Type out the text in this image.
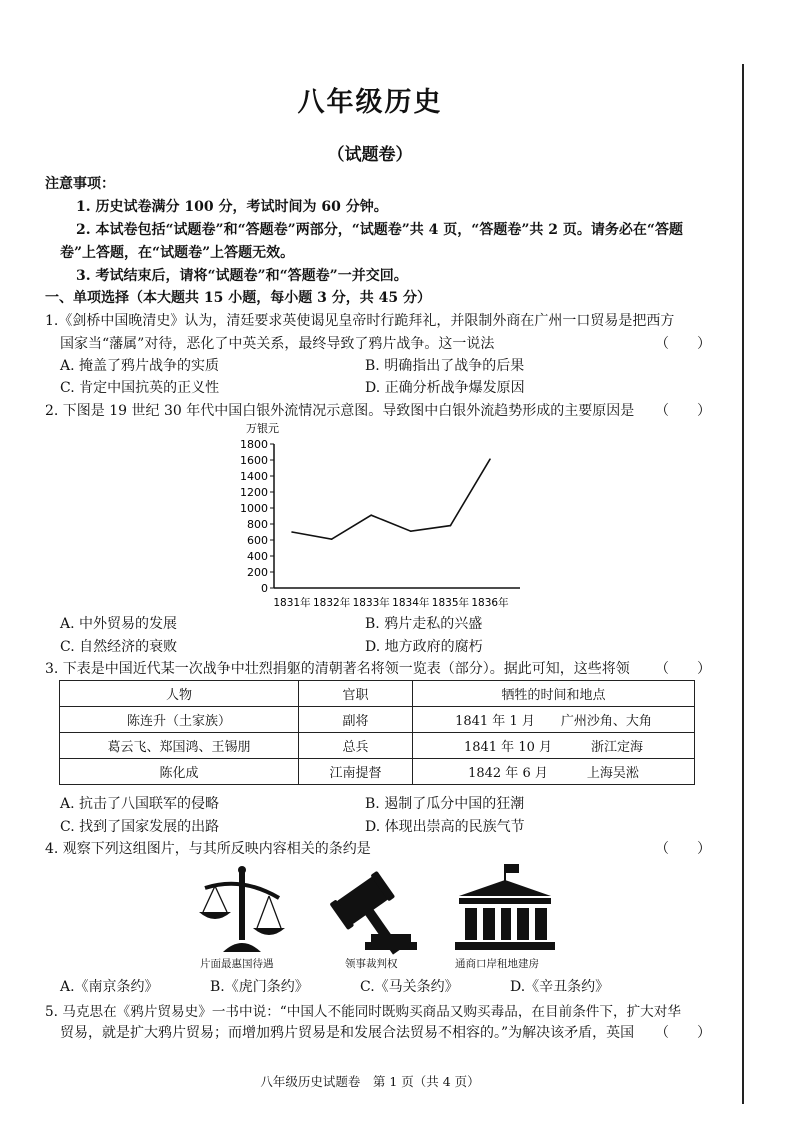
八年级历史
（试题卷）
注意事项：
1. 历史试卷满分 100 分，考试时间为 60 分钟。
2. 本试卷包括“试题卷”和“答题卷”两部分，“试题卷”共 4 页，“答题卷”共 2 页。请务必在“答题
卷”上答题，在“试题卷”上答题无效。
3. 考试结束后，请将“试题卷”和“答题卷”一并交回。
一、单项选择（本大题共 15 小题，每小题 3 分，共 45 分）
1.《剑桥中国晚清史》认为，清廷要求英使谒见皇帝时行跪拜礼，并限制外商在广州一口贸易是把西方
国家当“藩属”对待，恶化了中英关系，最终导致了鸦片战争。这一说法	（　　）
A. 掩盖了鸦片战争的实质	B. 明确指出了战争的后果
C. 肯定中国抗英的正义性	D. 正确分析战争爆发原因
2. 下图是 19 世纪 30 年代中国白银外流情况示意图。导致图中白银外流趋势形成的主要原因是 （　　）
万银元
0
200
400
600
800
1000
1200
1400
1600
1800
1831年 1832年 1833年 1834年 1835年 1836年
A. 中外贸易的发展	B. 鸦片走私的兴盛
C. 自然经济的衰败	D. 地方政府的腐朽
3. 下表是中国近代某一次战争中壮烈捐躯的清朝著名将领一览表（部分）。据此可知，这些将领 （　　）
人物	官职	牺牲的时间和地点
陈连升（土家族）	副将	1841 年 1 月　　 广州沙角、大角
葛云飞、郑国鸿、王锡朋	总兵	1841 年 10 月　　　 浙江定海
陈化成	江南提督	1842 年 6 月　　　 上海吴淞
A. 抗击了八国联军的侵略	B. 遏制了瓜分中国的狂潮
C. 找到了国家发展的出路	D. 体现出崇高的民族气节
4. 观察下列这组图片，与其所反映内容相关的条约是	（　　）
片面最惠国待遇	领事裁判权	通商口岸租地建房
A.《南京条约》	B.《虎门条约》	C.《马关条约》	D.《辛丑条约》
5. 马克思在《鸦片贸易史》一书中说：“中国人不能同时既购买商品又购买毒品，在目前条件下，扩大对华
贸易，就是扩大鸦片贸易；而增加鸦片贸易是和发展合法贸易不相容的。”为解决该矛盾，英国 （　　）
八年级历史试题卷　第 1 页（共 4 页）
